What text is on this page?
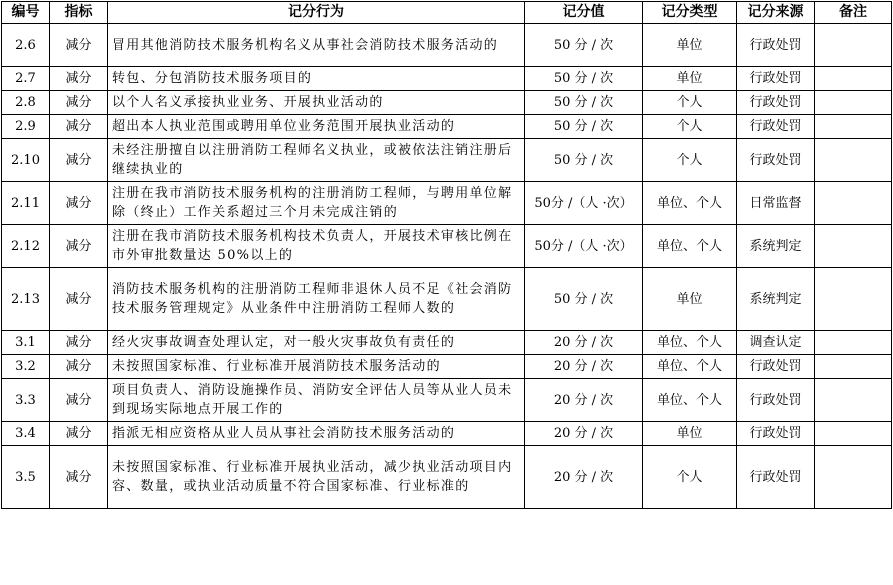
编号	指标	记分行为	记分值	记分类型	记分来源	备注
2.6	减分	冒用其他消防技术服务机构名义从事社会消防技术服务活动的	50 分 / 次	单位	行政处罚	
2.7	减分	转包、分包消防技术服务项目的	50 分 / 次	单位	行政处罚	
2.8	减分	以个人名义承接执业业务、开展执业活动的	50 分 / 次	个人	行政处罚	
2.9	减分	超出本人执业范围或聘用单位业务范围开展执业活动的	50 分 / 次	个人	行政处罚	
2.10	减分	未经注册擅自以注册消防工程师名义执业，或被依法注销注册后继续执业的	50 分 / 次	个人	行政处罚	
2.11	减分	注册在我市消防技术服务机构的注册消防工程师，与聘用单位解除（终止）工作关系超过三个月未完成注销的	50分 /（人 ·次）	单位、个人	日常监督	
2.12	减分	注册在我市消防技术服务机构技术负责人，开展技术审核比例在市外审批数量达 50%以上的	50分 /（人 ·次）	单位、个人	系统判定	
2.13	减分	消防技术服务机构的注册消防工程师非退休人员不足《社会消防技术服务管理规定》从业条件中注册消防工程师人数的	50 分 / 次	单位	系统判定	
3.1	减分	经火灾事故调查处理认定，对一般火灾事故负有责任的	20 分 / 次	单位、个人	调查认定	
3.2	减分	未按照国家标准、行业标准开展消防技术服务活动的	20 分 / 次	单位、个人	行政处罚	
3.3	减分	项目负责人、消防设施操作员、消防安全评估人员等从业人员未到现场实际地点开展工作的	20 分 / 次	单位、个人	行政处罚	
3.4	减分	指派无相应资格从业人员从事社会消防技术服务活动的	20 分 / 次	单位	行政处罚	
3.5	减分	未按照国家标准、行业标准开展执业活动，减少执业活动项目内容、数量，或执业活动质量不符合国家标准、行业标准的	20 分 / 次	个人	行政处罚	
